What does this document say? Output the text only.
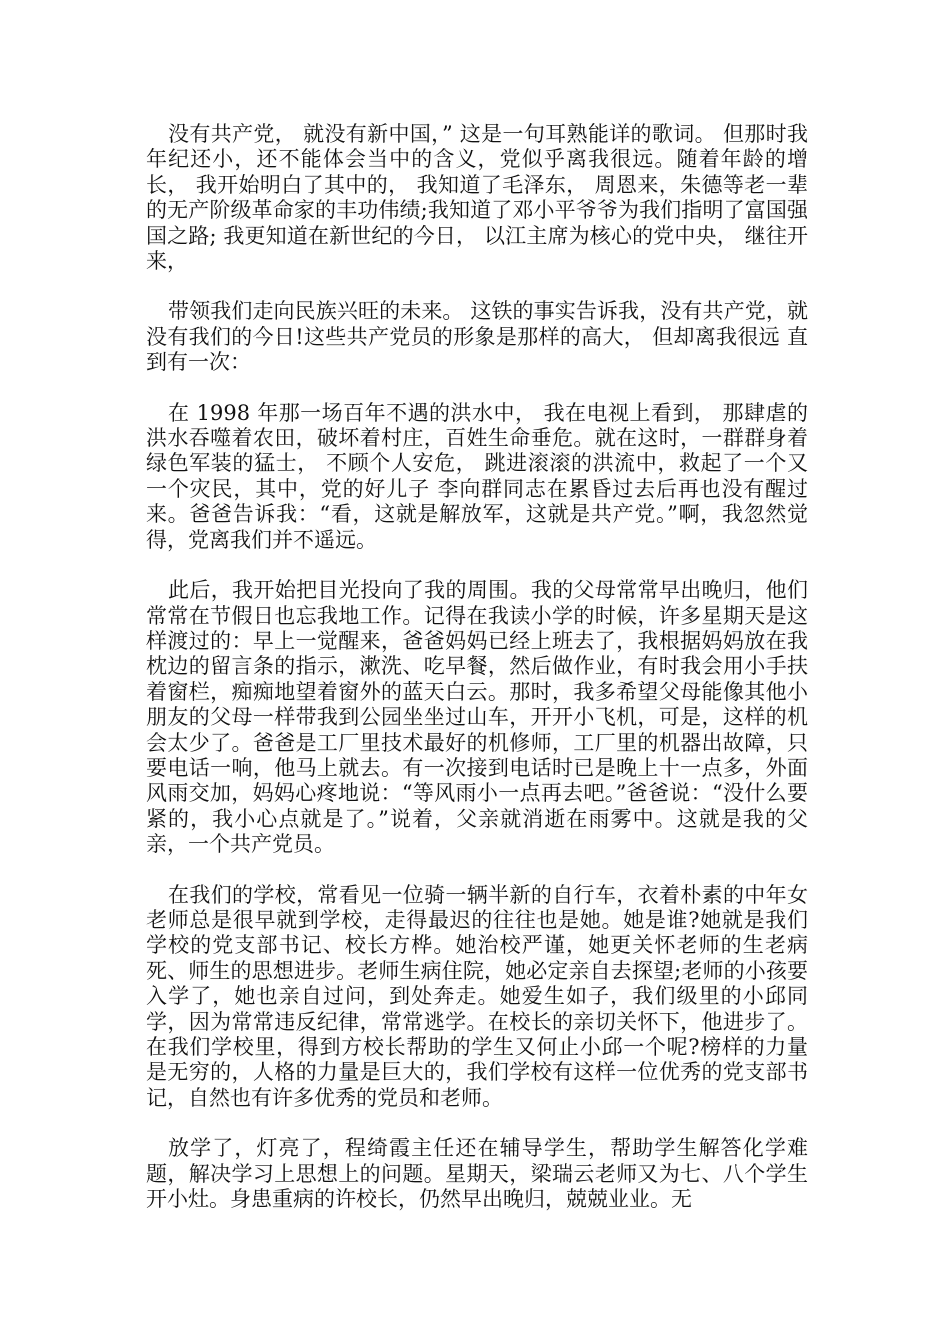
没有共产党， 就没有新中国，” 这是一句耳熟能详的歌词。 但那时我年纪还小，还不能体会当中的含义，党似乎离我很远。随着年龄的增长， 我开始明白了其中的， 我知道了毛泽东， 周恩来，朱德等老一辈的无产阶级革命家的丰功伟绩;我知道了邓小平爷爷为我们指明了富国强国之路; 我更知道在新世纪的今日， 以江主席为核心的党中央， 继往开来，

带领我们走向民族兴旺的未来。 这铁的事实告诉我，没有共产党，就没有我们的今日!这些共产党员的形象是那样的高大， 但却离我很远 直到有一次：

在 1998 年那一场百年不遇的洪水中， 我在电视上看到， 那肆虐的洪水吞噬着农田，破坏着村庄，百姓生命垂危。就在这时，一群群身着绿色军装的猛士， 不顾个人安危， 跳进滚滚的洪流中，救起了一个又一个灾民，其中，党的好儿子 李向群同志在累昏过去后再也没有醒过来。爸爸告诉我：“看，这就是解放军，这就是共产党。”啊，我忽然觉得，党离我们并不遥远。

此后，我开始把目光投向了我的周围。我的父母常常早出晚归，他们常常在节假日也忘我地工作。记得在我读小学的时候，许多星期天是这样渡过的：早上一觉醒来，爸爸妈妈已经上班去了，我根据妈妈放在我枕边的留言条的指示，漱洗、吃早餐，然后做作业，有时我会用小手扶着窗栏，痴痴地望着窗外的蓝天白云。那时，我多希望父母能像其他小朋友的父母一样带我到公园坐坐过山车，开开小飞机，可是，这样的机会太少了。爸爸是工厂里技术最好的机修师，工厂里的机器出故障，只要电话一响，他马上就去。有一次接到电话时已是晚上十一点多，外面风雨交加，妈妈心疼地说：“等风雨小一点再去吧。”爸爸说：“没什么要紧的，我小心点就是了。”说着，父亲就消逝在雨雾中。这就是我的父亲，一个共产党员。

在我们的学校，常看见一位骑一辆半新的自行车，衣着朴素的中年女老师总是很早就到学校，走得最迟的往往也是她。她是谁?她就是我们学校的党支部书记、校长方桦。她治校严谨，她更关怀老师的生老病死、师生的思想进步。老师生病住院，她必定亲自去探望;老师的小孩要入学了，她也亲自过问，到处奔走。她爱生如子，我们级里的小邱同学，因为常常违反纪律，常常逃学。在校长的亲切关怀下，他进步了。在我们学校里，得到方校长帮助的学生又何止小邱一个呢?榜样的力量是无穷的，人格的力量是巨大的，我们学校有这样一位优秀的党支部书记，自然也有许多优秀的党员和老师。

放学了，灯亮了，程绮霞主任还在辅导学生，帮助学生解答化学难题，解决学习上思想上的问题。星期天，梁瑞云老师又为七、八个学生开小灶。身患重病的许校长，仍然早出晚归，兢兢业业。无
